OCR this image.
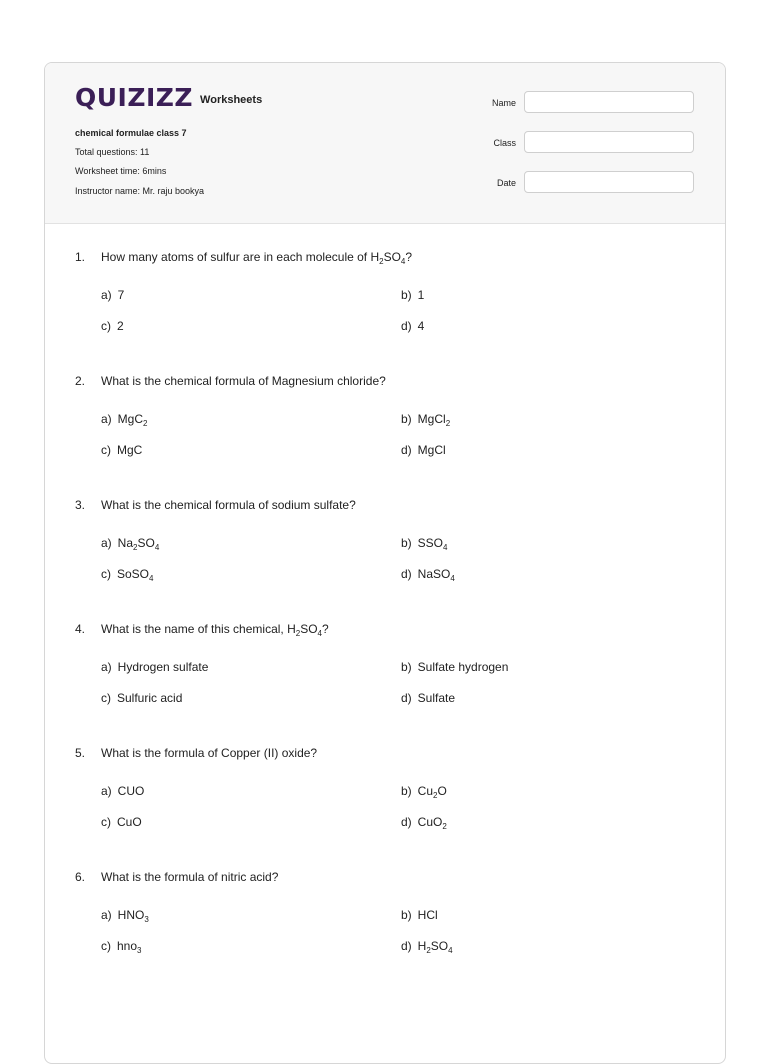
QUIZIZZ Worksheets
chemical formulae class 7
Total questions: 11
Worksheet time: 6mins
Instructor name: Mr. raju bookya
Name
Class
Date
1. How many atoms of sulfur are in each molecule of $H_2SO_4$?
a) 7	b) 1
c) 2	d) 4
2. What is the chemical formula of Magnesium chloride?
a) MgC$_2$	b) MgCl$_2$
c) MgC	d) MgCl
3. What is the chemical formula of sodium sulfate?
a) $Na_2SO_4$	b) $SSO_4$
c) SoSO$_4$	d) NaSO$_4$
4. What is the name of this chemical, $H_2SO_4$?
a) Hydrogen sulfate	b) Sulfate hydrogen
c) Sulfuric acid	d) Sulfate
5. What is the formula of Copper (II) oxide?
a) CUO	b) $Cu_2O$
c) CuO	d) CuO$_2$
6. What is the formula of nitric acid?
a) $HNO_3$	b) HCl
c) hno$_3$	d) $H_2SO_4$
